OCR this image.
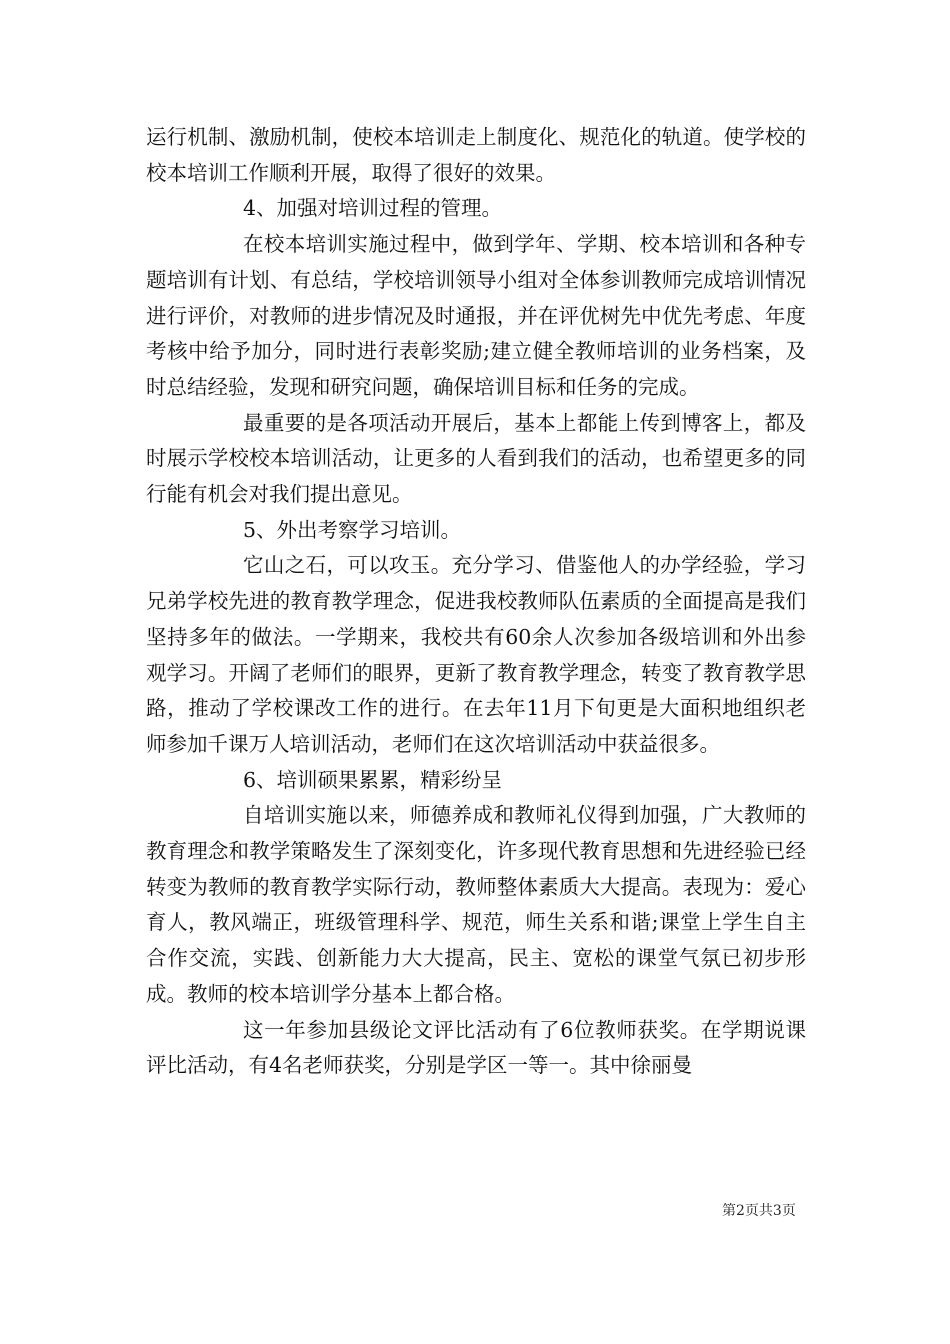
运行机制、激励机制，使校本培训走上制度化、规范化的轨道。使学校的校本培训工作顺利开展，取得了很好的效果。

4、加强对培训过程的管理。

在校本培训实施过程中，做到学年、学期、校本培训和各种专题培训有计划、有总结，学校培训领导小组对全体参训教师完成培训情况进行评价，对教师的进步情况及时通报，并在评优树先中优先考虑、年度考核中给予加分，同时进行表彰奖励;建立健全教师培训的业务档案，及时总结经验，发现和研究问题，确保培训目标和任务的完成。

最重要的是各项活动开展后，基本上都能上传到博客上，都及时展示学校校本培训活动，让更多的人看到我们的活动，也希望更多的同行能有机会对我们提出意见。

5、外出考察学习培训。

它山之石，可以攻玉。充分学习、借鉴他人的办学经验，学习兄弟学校先进的教育教学理念，促进我校教师队伍素质的全面提高是我们坚持多年的做法。一学期来，我校共有60余人次参加各级培训和外出参观学习。开阔了老师们的眼界，更新了教育教学理念，转变了教育教学思路，推动了学校课改工作的进行。在去年11月下旬更是大面积地组织老师参加千课万人培训活动，老师们在这次培训活动中获益很多。

6、培训硕果累累，精彩纷呈

自培训实施以来，师德养成和教师礼仪得到加强，广大教师的教育理念和教学策略发生了深刻变化，许多现代教育思想和先进经验已经转变为教师的教育教学实际行动，教师整体素质大大提高。表现为：爱心育人，教风端正，班级管理科学、规范，师生关系和谐;课堂上学生自主合作交流，实践、创新能力大大提高，民主、宽松的课堂气氛已初步形成。教师的校本培训学分基本上都合格。

这一年参加县级论文评比活动有了6位教师获奖。在学期说课评比活动，有4名老师获奖，分别是学区一等一。其中徐丽曼

第2页共3页
